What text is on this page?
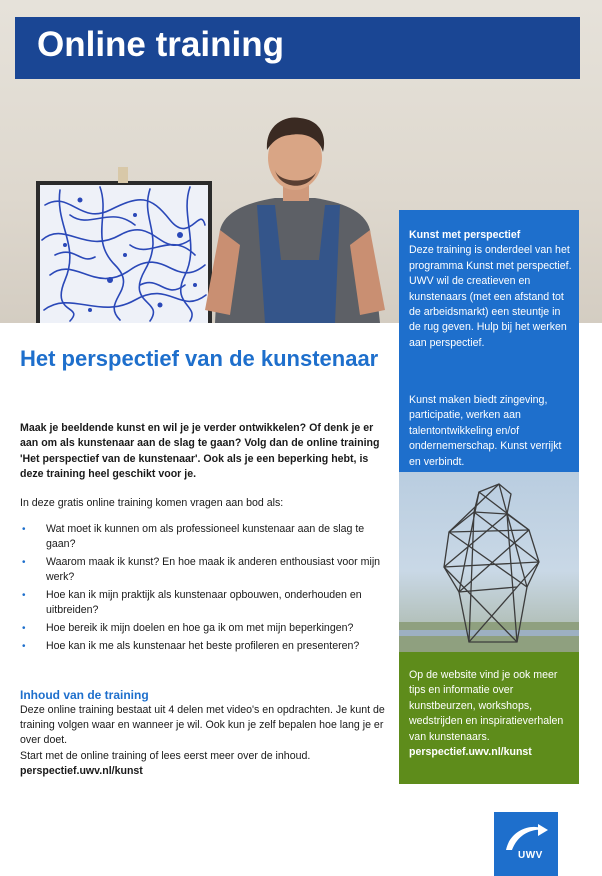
Online training
Kunst met perspectief
Deze training is onderdeel van het programma Kunst met perspectief. UWV wil de creatieven en kunstenaars (met een afstand tot de arbeidsmarkt) een steuntje in de rug geven. Hulp bij het werken aan perspectief.
Kunst maken biedt zingeving, participatie, werken aan talentontwikkeling en/of ondernemerschap. Kunst verrijkt en verbindt.
Op de website vind je ook meer tips en informatie over kunstbeurzen, workshops, wedstrijden en inspiratieverhalen van kunstenaars.
perspectief.uwv.nl/kunst
Het perspectief van de kunstenaar
Maak je beeldende kunst en wil je je verder ontwikkelen? Of denk je er aan om als kunstenaar aan de slag te gaan? Volg dan de online training 'Het perspectief van de kunstenaar'. Ook als je een beperking hebt, is deze training heel geschikt voor je.
In deze gratis online training komen vragen aan bod als:
• Wat moet ik kunnen om als professioneel kunstenaar aan de slag te gaan?
• Waarom maak ik kunst? En hoe maak ik anderen enthousiast voor mijn werk?
• Hoe kan ik mijn praktijk als kunstenaar opbouwen, onderhouden en uitbreiden?
• Hoe bereik ik mijn doelen en hoe ga ik om met mijn beperkingen?
• Hoe kan ik me als kunstenaar het beste profileren en presenteren?
Inhoud van de training
Deze online training bestaat uit 4 delen met video's en opdrachten. Je kunt de training volgen waar en wanneer je wil. Ook kun je zelf bepalen hoe lang je er over doet.
Start met de online training of lees eerst meer over de inhoud.
perspectief.uwv.nl/kunst
UWV
